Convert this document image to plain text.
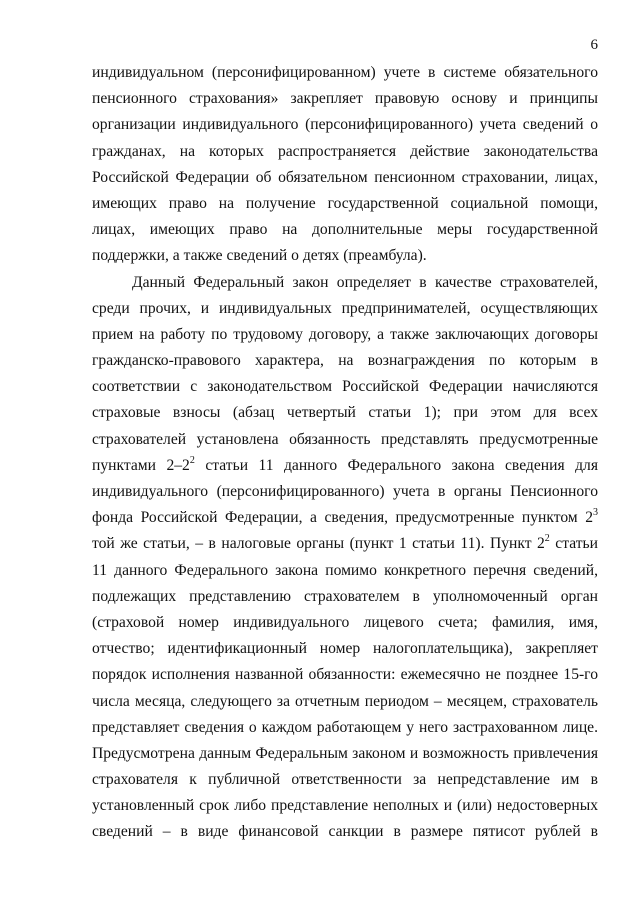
6
индивидуальном (персонифицированном) учете в системе обязательного
пенсионного страхования» закрепляет правовую основу и принципы
организации индивидуального (персонифицированного) учета сведений о
гражданах, на которых распространяется действие законодательства
Российской Федерации об обязательном пенсионном страховании, лицах,
имеющих право на получение государственной социальной помощи,
лицах, имеющих право на дополнительные меры государственной
поддержки, а также сведений о детях (преамбула).
Данный Федеральный закон определяет в качестве страхователей,
среди прочих, и индивидуальных предпринимателей, осуществляющих
прием на работу по трудовому договору, а также заключающих договоры
гражданско-правового характера, на вознаграждения по которым в
соответствии с законодательством Российской Федерации начисляются
страховые взносы (абзац четвертый статьи 1); при этом для всех
страхователей установлена обязанность представлять предусмотренные
пунктами $2-2^2$ статьи 11 данного Федерального закона сведения для
индивидуального (персонифицированного) учета в органы Пенсионного
фонда Российской Федерации, а сведения, предусмотренные пунктом $2^3$
той же статьи, – в налоговые органы (пункт 1 статьи 11). Пункт $2^2$ статьи
11 данного Федерального закона помимо конкретного перечня сведений,
подлежащих представлению страхователем в уполномоченный орган
(страховой номер индивидуального лицевого счета; фамилия, имя,
отчество; идентификационный номер налогоплательщика), закрепляет
порядок исполнения названной обязанности: ежемесячно не позднее 15-го
числа месяца, следующего за отчетным периодом – месяцем, страхователь
представляет сведения о каждом работающем у него застрахованном лице.
Предусмотрена данным Федеральным законом и возможность привлечения
страхователя к публичной ответственности за непредставление им в
установленный срок либо представление неполных и (или) недостоверных
сведений – в виде финансовой санкции в размере пятисот рублей в
